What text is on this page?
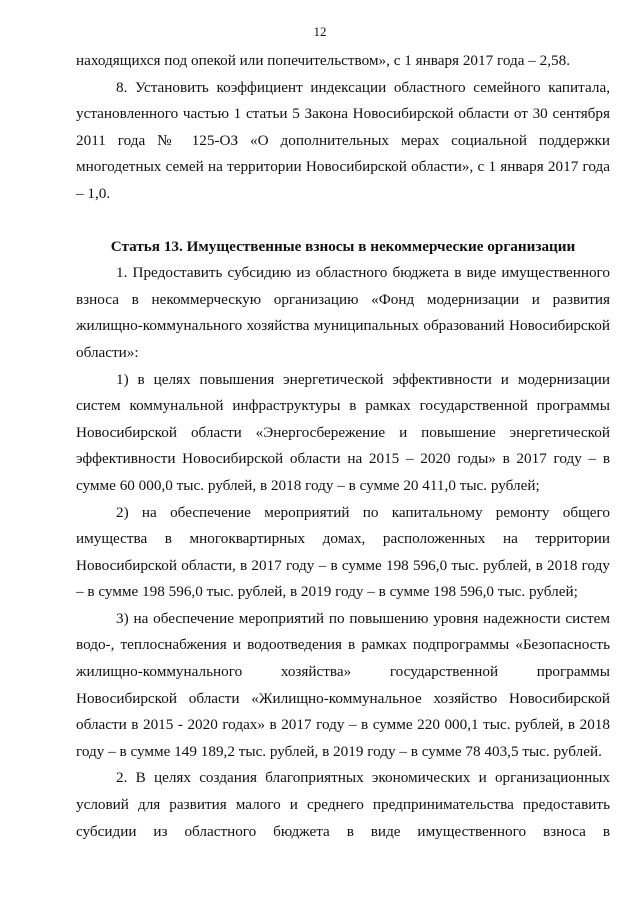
12

находящихся под опекой или попечительством», с 1 января 2017 года – 2,58.

8. Установить коэффициент индексации областного семейного капитала, установленного частью 1 статьи 5 Закона Новосибирской области от 30 сентября 2011 года № 125-ОЗ «О дополнительных мерах социальной поддержки многодетных семей на территории Новосибирской области», с 1 января 2017 года – 1,0.

Статья 13. Имущественные взносы в некоммерческие организации

1. Предоставить субсидию из областного бюджета в виде имущественного взноса в некоммерческую организацию «Фонд модернизации и развития жилищно-коммунального хозяйства муниципальных образований Новосибирской области»:

1) в целях повышения энергетической эффективности и модернизации систем коммунальной инфраструктуры в рамках государственной программы Новосибирской области «Энергосбережение и повышение энергетической эффективности Новосибирской области на 2015 – 2020 годы» в 2017 году – в сумме 60 000,0 тыс. рублей, в 2018 году – в сумме 20 411,0 тыс. рублей;

2) на обеспечение мероприятий по капитальному ремонту общего имущества в многоквартирных домах, расположенных на территории Новосибирской области, в 2017 году – в сумме 198 596,0 тыс. рублей, в 2018 году – в сумме 198 596,0 тыс. рублей, в 2019 году – в сумме 198 596,0 тыс. рублей;

3) на обеспечение мероприятий по повышению уровня надежности систем водо-, теплоснабжения и водоотведения в рамках подпрограммы «Безопасность жилищно-коммунального хозяйства» государственной программы Новосибирской области «Жилищно-коммунальное хозяйство Новосибирской области в 2015 - 2020 годах» в 2017 году – в сумме 220 000,1 тыс. рублей, в 2018 году – в сумме 149 189,2 тыс. рублей, в 2019 году – в сумме 78 403,5 тыс. рублей.

2. В целях создания благоприятных экономических и организационных условий для развития малого и среднего предпринимательства предоставить субсидии из областного бюджета в виде имущественного взноса в
